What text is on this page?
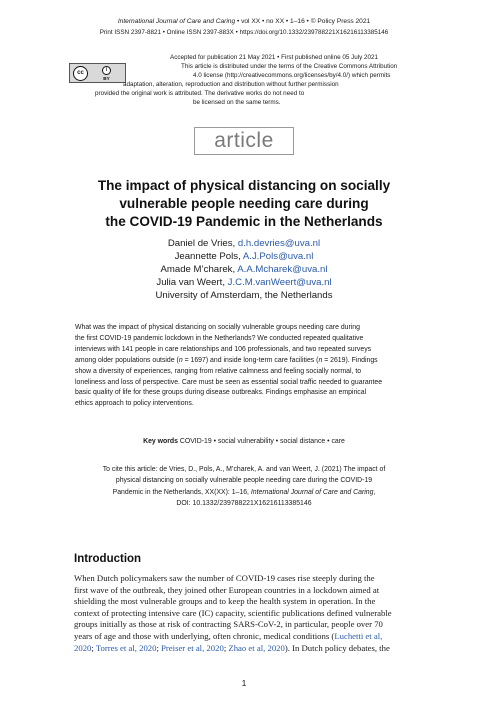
International Journal of Care and Caring • vol XX • no XX • 1–16 • © Policy Press 2021
Print ISSN 2397-8821 • Online ISSN 2397-883X • https://doi.org/10.1332/239788221X16216113385146
cc	i
BY
Accepted for publication 21 May 2021 • First published online 05 July 2021
This article is distributed under the terms of the Creative Commons Attribution
4.0 license (http://creativecommons.org/licenses/by/4.0/) which permits
adaptation, alteration, reproduction and distribution without further permission
provided the original work is attributed. The derivative works do not need to
be licensed on the same terms.
article
The impact of physical distancing on socially
vulnerable people needing care during
the COVID-19 Pandemic in the Netherlands
Daniel de Vries, d.h.devries@uva.nl
Jeannette Pols, A.J.Pols@uva.nl
Amade M’charek, A.A.Mcharek@uva.nl
Julia van Weert, J.C.M.vanWeert@uva.nl
University of Amsterdam, the Netherlands
What was the impact of physical distancing on socially vulnerable groups needing care during
the first COVID-19 pandemic lockdown in the Netherlands? We conducted repeated qualitative
interviews with 141 people in care relationships and 106 professionals, and two repeated surveys
among older populations outside (n = 1697) and inside long-term care facilities (n = 2619). Findings
show a diversity of experiences, ranging from relative calmness and feeling socially normal, to
loneliness and loss of perspective. Care must be seen as essential social traffic needed to guarantee
basic quality of life for these groups during disease outbreaks. Findings emphasise an empirical
ethics approach to policy interventions.
Key words COVID-19 • social vulnerability • social distance • care
To cite this article: de Vries, D., Pols, A., M’charek, A. and van Weert, J. (2021) The impact of
physical distancing on socially vulnerable people needing care during the COVID-19
Pandemic in the Netherlands, XX(XX): 1–16, International Journal of Care and Caring,
DOI: 10.1332/239788221X16216113385146
Introduction
When Dutch policymakers saw the number of COVID-19 cases rise steeply during the
first wave of the outbreak, they joined other European countries in a lockdown aimed at
shielding the most vulnerable groups and to keep the health system in operation. In the
context of protecting intensive care (IC) capacity, scientific publications defined vulnerable
groups initially as those at risk of contracting SARS-CoV-2, in particular, people over 70
years of age and those with underlying, often chronic, medical conditions (Luchetti et al,
2020; Torres et al, 2020; Preiser et al, 2020; Zhao et al, 2020). In Dutch policy debates, the
1
